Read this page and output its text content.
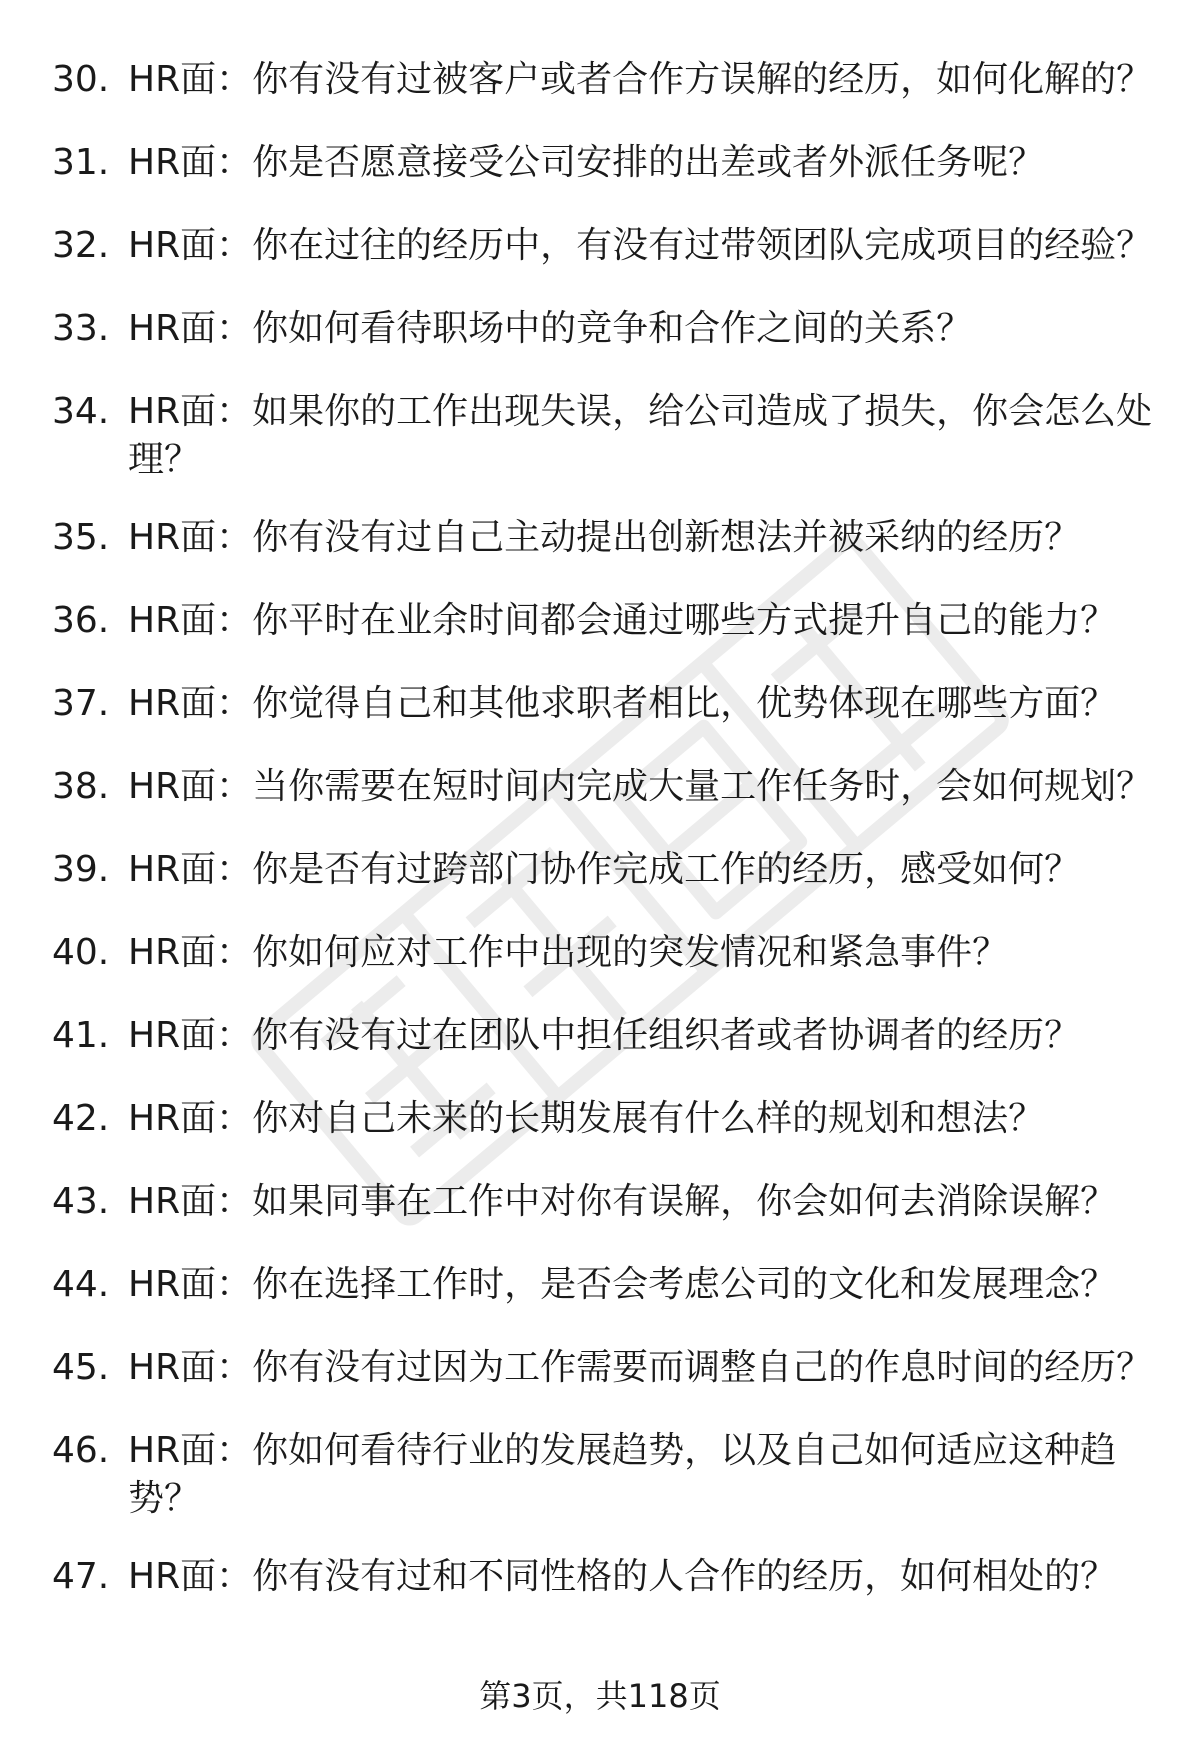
30. HR面：你有没有过被客户或者合作方误解的经历，如何化解的？
31. HR面：你是否愿意接受公司安排的出差或者外派任务呢？
32. HR面：你在过往的经历中，有没有过带领团队完成项目的经验？
33. HR面：你如何看待职场中的竞争和合作之间的关系？
34. HR面：如果你的工作出现失误，给公司造成了损失，你会怎么处理？
35. HR面：你有没有过自己主动提出创新想法并被采纳的经历？
36. HR面：你平时在业余时间都会通过哪些方式提升自己的能力？
37. HR面：你觉得自己和其他求职者相比，优势体现在哪些方面？
38. HR面：当你需要在短时间内完成大量工作任务时，会如何规划？
39. HR面：你是否有过跨部门协作完成工作的经历，感受如何？
40. HR面：你如何应对工作中出现的突发情况和紧急事件？
41. HR面：你有没有过在团队中担任组织者或者协调者的经历？
42. HR面：你对自己未来的长期发展有什么样的规划和想法？
43. HR面：如果同事在工作中对你有误解，你会如何去消除误解？
44. HR面：你在选择工作时，是否会考虑公司的文化和发展理念？
45. HR面：你有没有过因为工作需要而调整自己的作息时间的经历？
46. HR面：你如何看待行业的发展趋势，以及自己如何适应这种趋势？
47. HR面：你有没有过和不同性格的人合作的经历，如何相处的？
第3页，共118页
